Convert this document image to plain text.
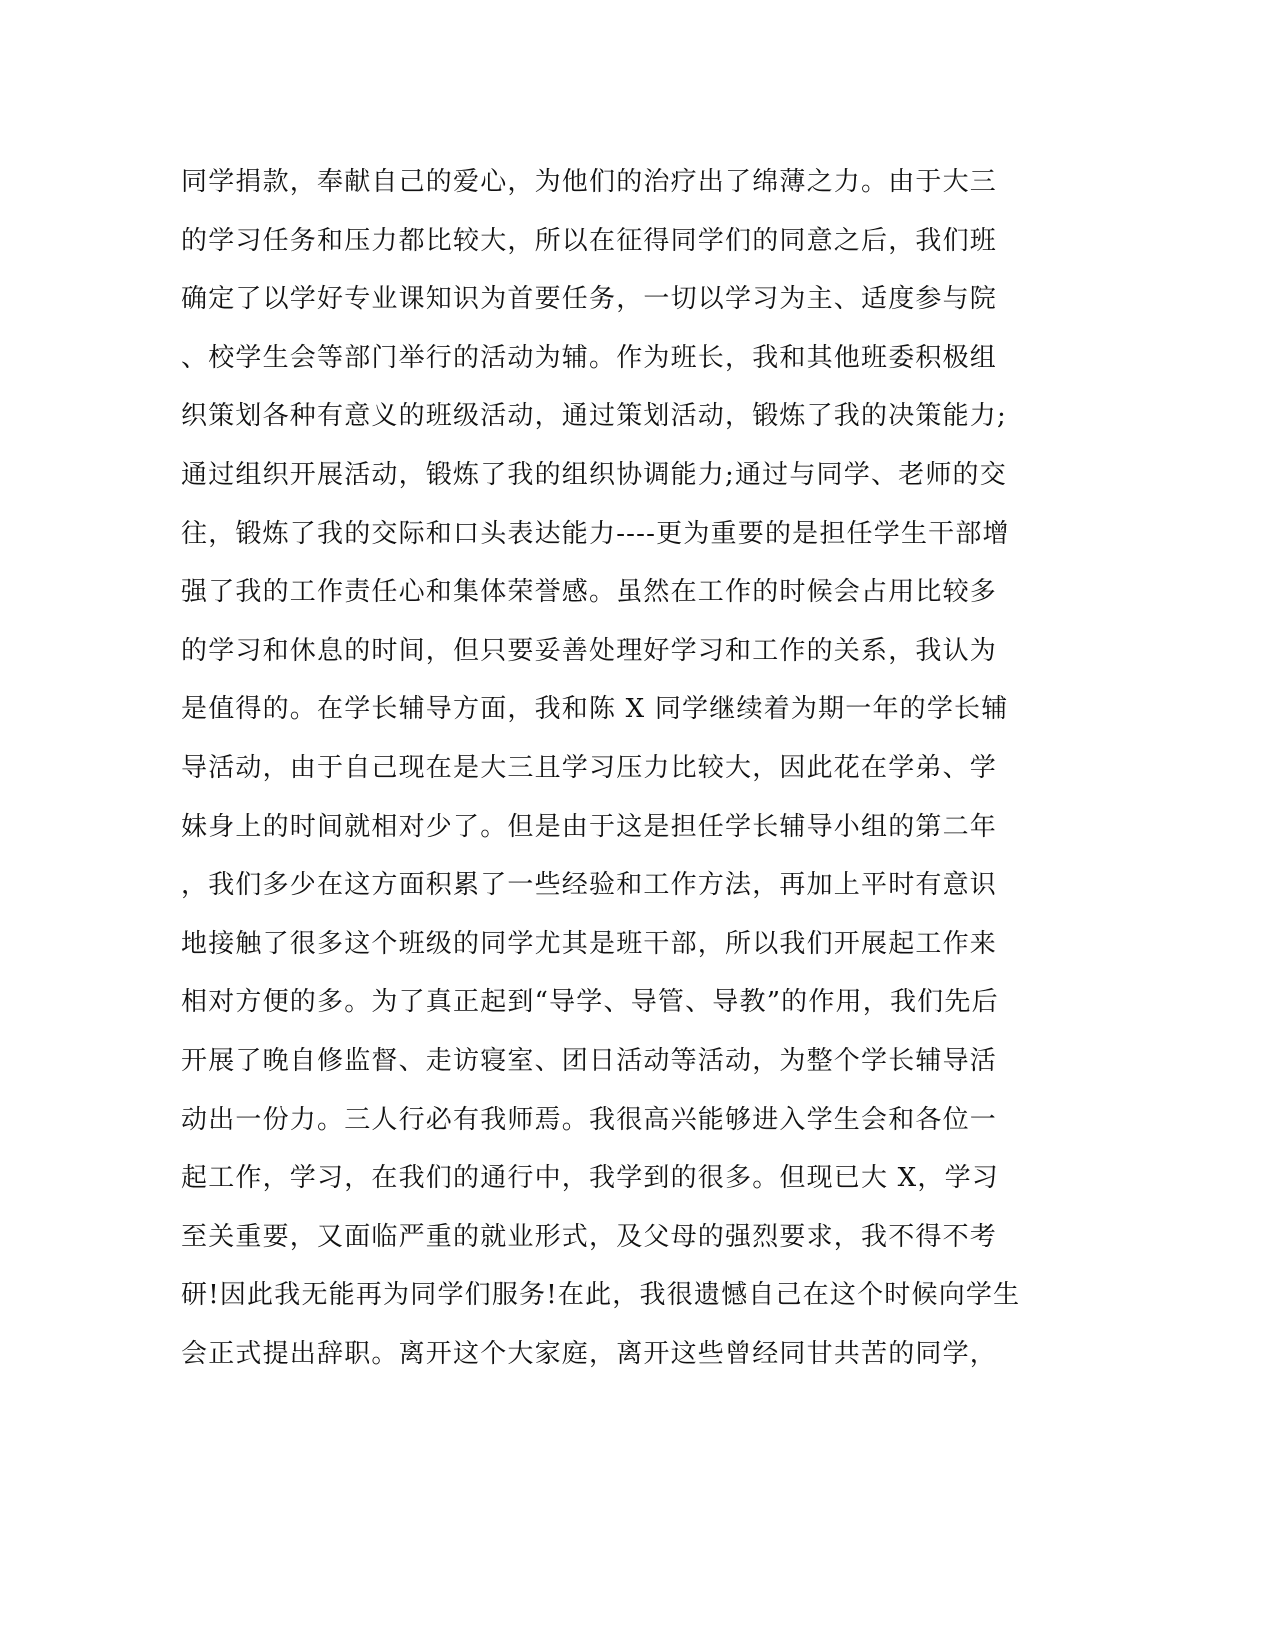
同学捐款，奉献自己的爱心，为他们的治疗出了绵薄之力。由于大三
的学习任务和压力都比较大，所以在征得同学们的同意之后，我们班
确定了以学好专业课知识为首要任务，一切以学习为主、适度参与院
、校学生会等部门举行的活动为辅。作为班长，我和其他班委积极组
织策划各种有意义的班级活动，通过策划活动，锻炼了我的决策能力;
通过组织开展活动，锻炼了我的组织协调能力;通过与同学、老师的交
往，锻炼了我的交际和口头表达能力----更为重要的是担任学生干部增
强了我的工作责任心和集体荣誉感。虽然在工作的时候会占用比较多
的学习和休息的时间，但只要妥善处理好学习和工作的关系，我认为
是值得的。在学长辅导方面，我和陈 X 同学继续着为期一年的学长辅
导活动，由于自己现在是大三且学习压力比较大，因此花在学弟、学
妹身上的时间就相对少了。但是由于这是担任学长辅导小组的第二年
，我们多少在这方面积累了一些经验和工作方法，再加上平时有意识
地接触了很多这个班级的同学尤其是班干部，所以我们开展起工作来
相对方便的多。为了真正起到“导学、导管、导教”的作用，我们先后
开展了晚自修监督、走访寝室、团日活动等活动，为整个学长辅导活
动出一份力。三人行必有我师焉。我很高兴能够进入学生会和各位一
起工作，学习，在我们的通行中，我学到的很多。但现已大 X，学习
至关重要，又面临严重的就业形式，及父母的强烈要求，我不得不考
研!因此我无能再为同学们服务!在此，我很遗憾自己在这个时候向学生
会正式提出辞职。离开这个大家庭，离开这些曾经同甘共苦的同学，
